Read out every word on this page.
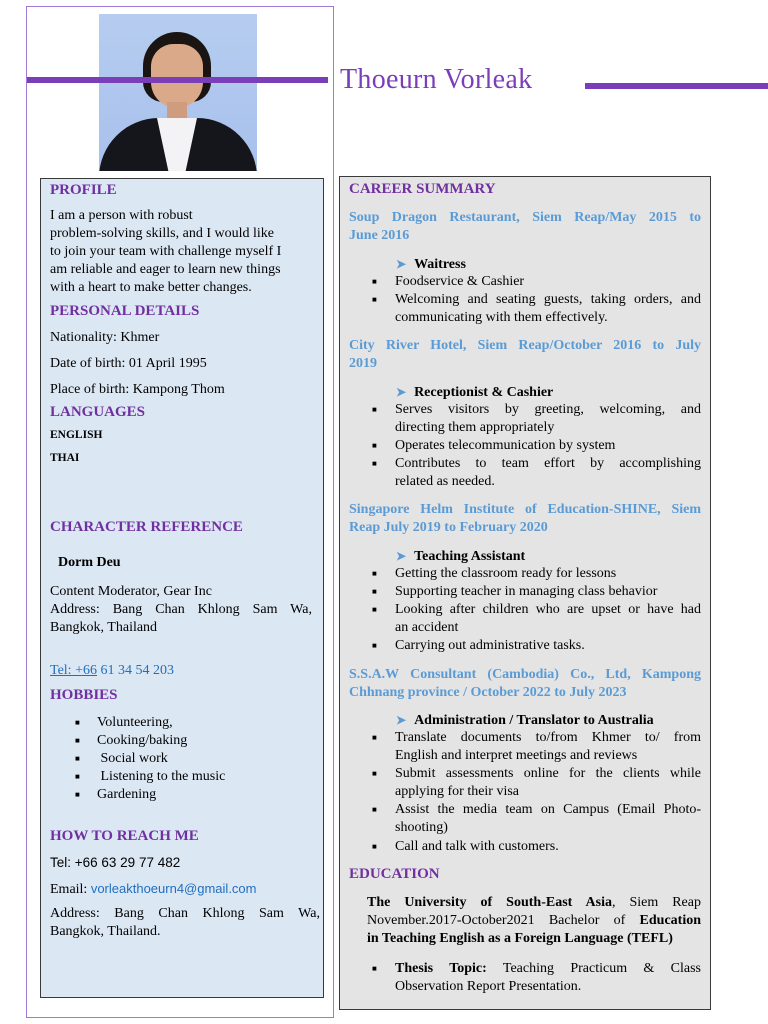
Thoeurn Vorleak
PROFILE
I am a person with robust
problem-solving skills, and I would like
to join your team with challenge myself I
am reliable and eager to learn new things
with a heart to make better changes.
PERSONAL DETAILS
Nationality: Khmer
Date of birth: 01 April 1995
Place of birth: Kampong Thom
LANGUAGES
ENGLISH
THAI
CHARACTER REFERENCE
Dorm Deu
Content Moderator, Gear Inc
Address: Bang Chan Khlong Sam Wa,
Bangkok, Thailand
Tel: +66 61 34 54 203
HOBBIES
■ Volunteering,
■ Cooking/baking
■ Social work
■ Listening to the music
■ Gardening
HOW TO REACH ME
Tel: +66 63 29 77 482
Email: vorleakthoeurn4@gmail.com
Address: Bang Chan Khlong Sam Wa,
Bangkok, Thailand.
CAREER SUMMARY
Soup Dragon Restaurant, Siem Reap/May 2015 to
June 2016
➤ Waitress
■ Foodservice & Cashier
■ Welcoming and seating guests, taking orders, and
communicating with them effectively.
City River Hotel, Siem Reap/October 2016 to July
2019
➤ Receptionist & Cashier
■ Serves visitors by greeting, welcoming, and
directing them appropriately
■ Operates telecommunication by system
■ Contributes to team effort by accomplishing
related as needed.
Singapore Helm Institute of Education-SHINE, Siem
Reap July 2019 to February 2020
➤ Teaching Assistant
■ Getting the classroom ready for lessons
■ Supporting teacher in managing class behavior
■ Looking after children who are upset or have had
an accident
■ Carrying out administrative tasks.
S.S.A.W Consultant (Cambodia) Co., Ltd, Kampong
Chhnang province / October 2022 to July 2023
➤ Administration / Translator to Australia
■ Translate documents to/from Khmer to/ from
English and interpret meetings and reviews
■ Submit assessments online for the clients while
applying for their visa
■ Assist the media team on Campus (Email Photo-
shooting)
■ Call and talk with customers.
EDUCATION
The University of South-East Asia, Siem Reap
November.2017-October2021 Bachelor of Education
in Teaching English as a Foreign Language (TEFL)
■ Thesis Topic: Teaching Practicum & Class
Observation Report Presentation.
